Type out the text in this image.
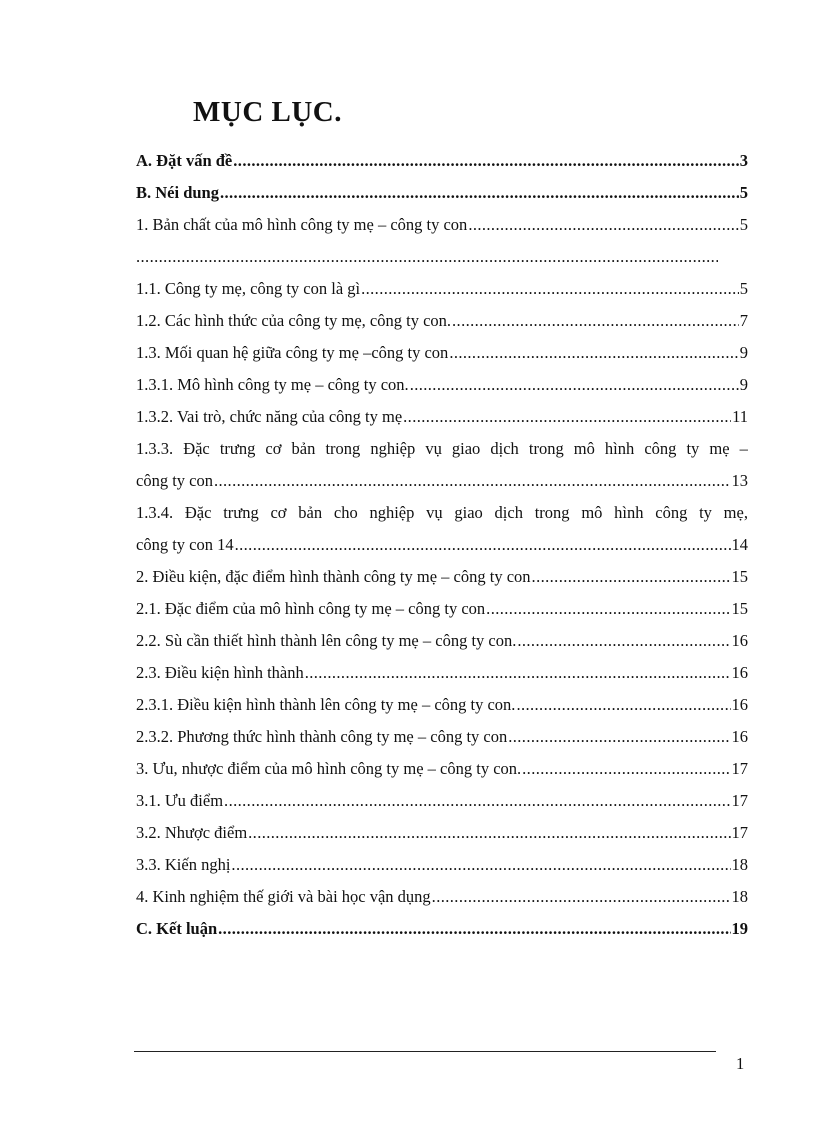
MỤC LỤC.
A. Đặt vấn đề .....	3
B. Néi dung .....	5
1. Bản chất của mô hình công ty mẹ – công ty con .....	5
.....
1.1. Công ty mẹ, công ty con là gì .....	5
1.2. Các hình thức của công ty mẹ, công ty con. .....	7
1.3. Mối quan hệ giữa công ty mẹ –công ty con .....	9
1.3.1. Mô hình công ty mẹ – công ty con. .....	9
1.3.2. Vai trò, chức năng của công ty mẹ .....	11
1.3.3. Đặc trưng cơ bản trong nghiệp vụ giao dịch trong mô hình công ty mẹ –
công ty con .....	13
1.3.4. Đặc trưng cơ bản cho nghiệp vụ giao dịch trong mô hình công ty mẹ,
công ty con 14 .....	14
2. Điều kiện, đặc điểm hình thành công ty mẹ – công ty con .....	15
2.1. Đặc điểm của mô hình công ty mẹ – công ty con .....	15
2.2. Sù cần thiết hình thành lên công ty mẹ – công ty con. .....	16
2.3. Điều kiện hình thành .....	16
2.3.1. Điều kiện hình thành lên công ty mẹ – công ty con. .....	16
2.3.2. Phương thức hình thành công ty mẹ – công ty con .....	16
3. Ưu, nhược điểm của mô hình công ty mẹ – công ty con. .....	17
3.1. Ưu điểm .....	17
3.2. Nhược điểm .....	17
3.3. Kiến nghị .....	18
4. Kinh nghiệm thế giới và bài học vận dụng .....	18
C. Kết luận .....	19
1
